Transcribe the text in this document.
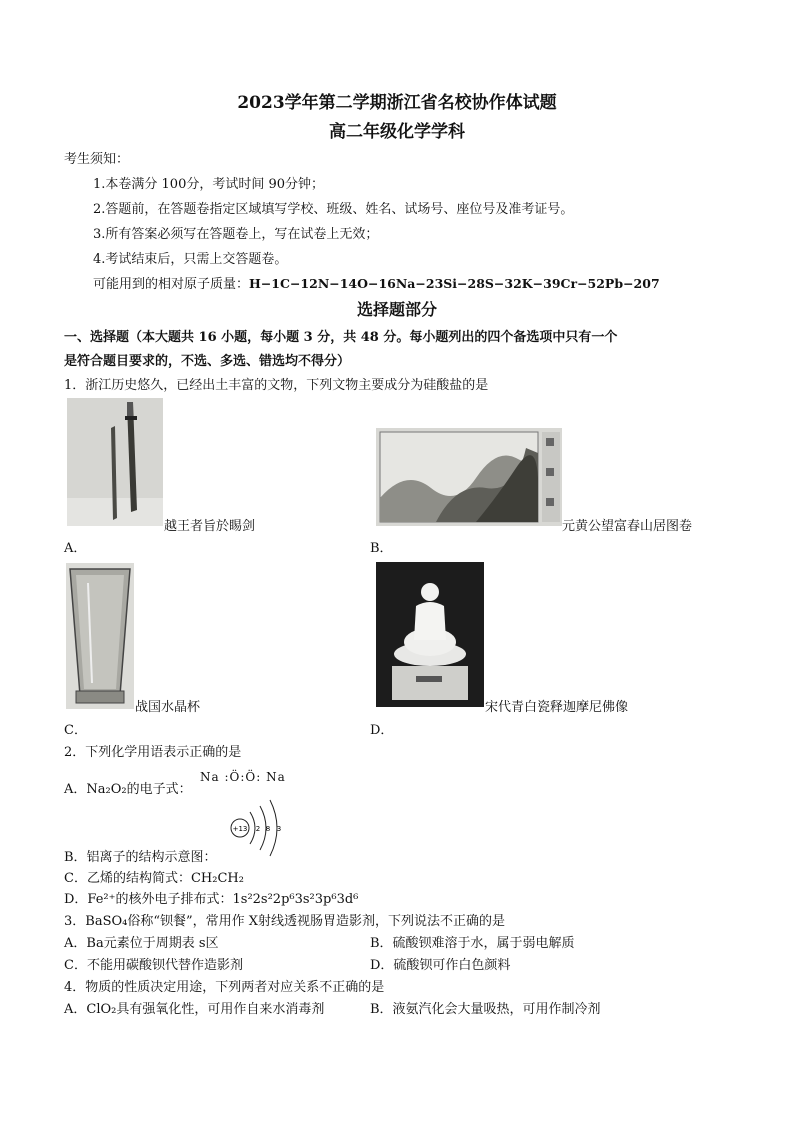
2023学年第二学期浙江省名校协作体试题
高二年级化学学科
考生须知：
1.本卷满分 100分，考试时间 90分钟；
2.答题前，在答题卷指定区域填写学校、班级、姓名、试场号、座位号及准考证号。
3.所有答案必须写在答题卷上，写在试卷上无效；
4.考试结束后，只需上交答题卷。
可能用到的相对原子质量：H−1C−12N−14O−16Na−23Si−28S−32K−39Cr−52Pb−207
选择题部分
一、选择题（本大题共 16 小题，每小题 3 分，共 48 分。每小题列出的四个备选项中只有一个
是符合题目要求的，不选、多选、错选均不得分）
1．浙江历史悠久，已经出土丰富的文物，下列文物主要成分为硅酸盐的是
越王者旨於睗剑
A．
元黄公望富春山居图卷
B．
战国水晶杯
C．
宋代青白瓷释迦摩尼佛像
D．
2．下列化学用语表示正确的是
A．Na₂O₂的电子式：
Na :Ö:Ö: Na
+13 2 8 3
B．铝离子的结构示意图：
C．乙烯的结构简式：CH₂CH₂
D．Fe²⁺的核外电子排布式：1s²2s²2p⁶3s²3p⁶3d⁶
3．BaSO₄俗称“钡餐”，常用作 X射线透视肠胃造影剂，下列说法不正确的是
A．Ba元素位于周期表 s区	B．硫酸钡难溶于水，属于弱电解质
C．不能用碳酸钡代替作造影剂	D．硫酸钡可作白色颜料
4．物质的性质决定用途，下列两者对应关系不正确的是
A．ClO₂具有强氧化性，可用作自来水消毒剂	B．液氨汽化会大量吸热，可用作制冷剂
